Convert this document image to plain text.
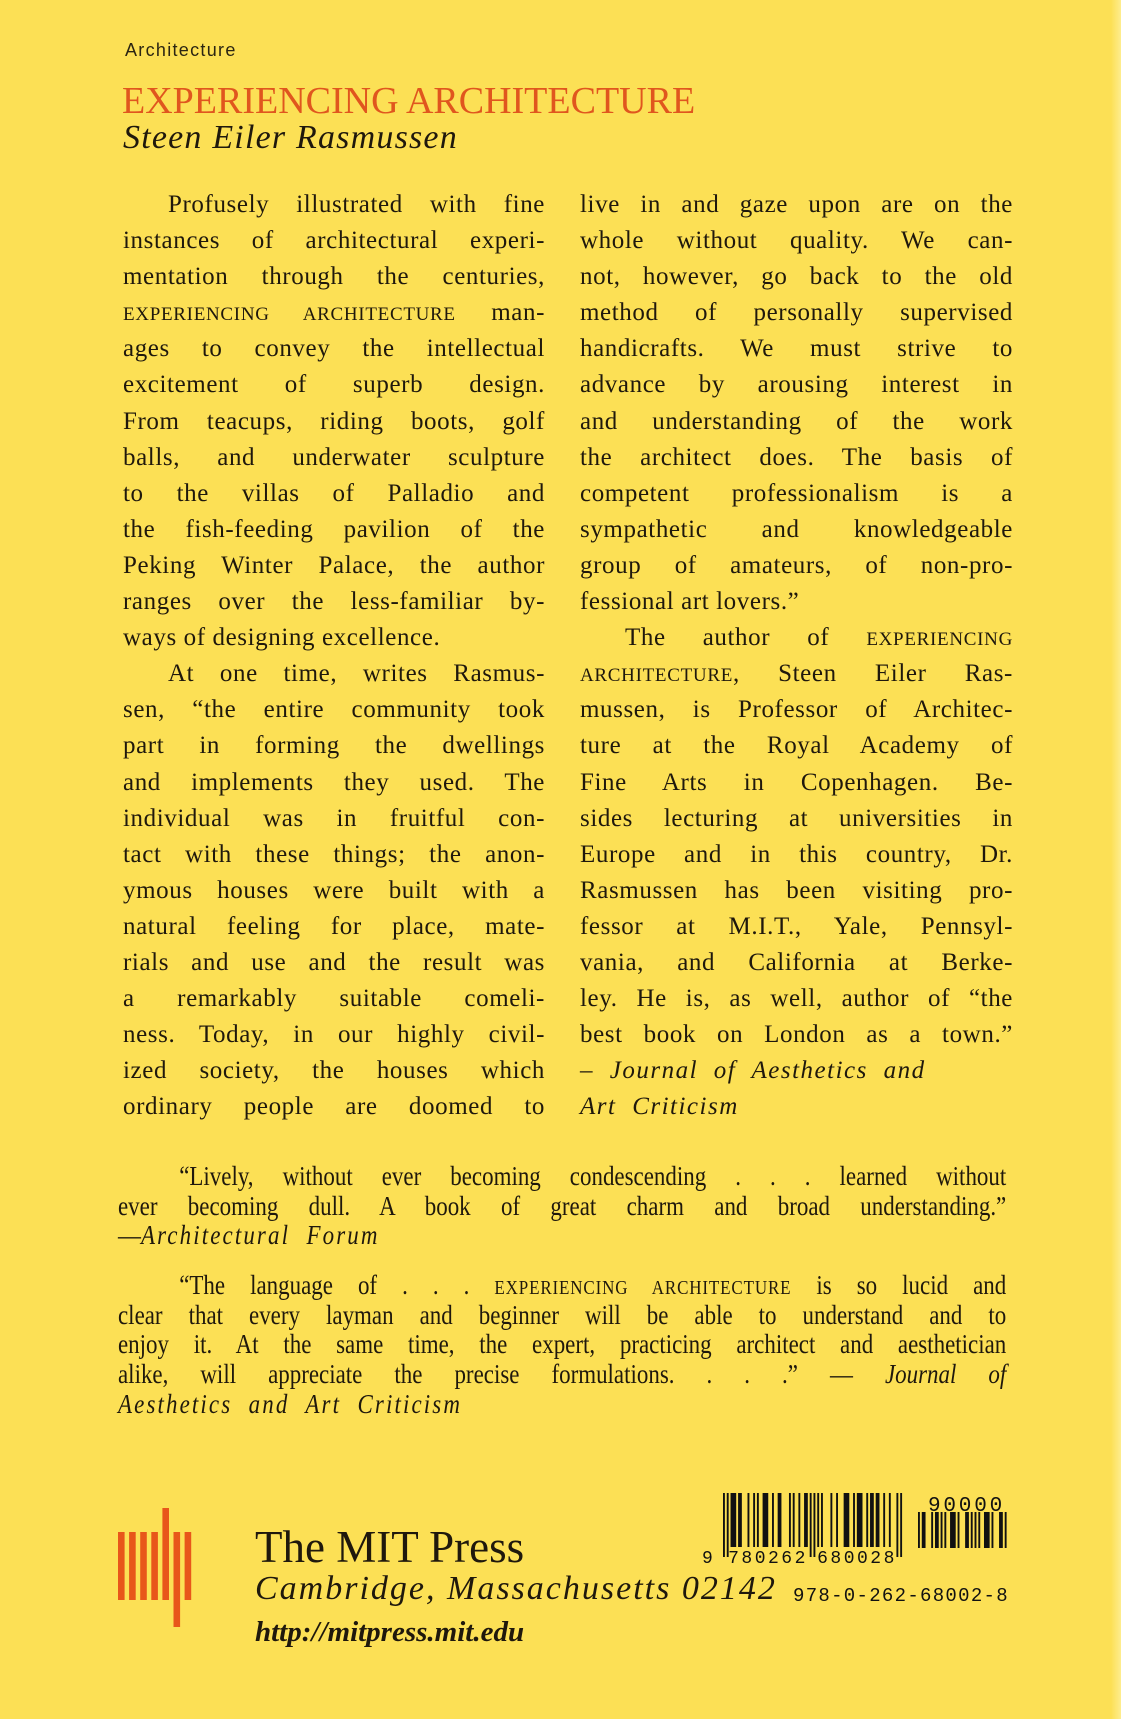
Architecture
EXPERIENCING ARCHITECTURE
Steen Eiler Rasmussen
Profusely illustrated with fine
instances of architectural experi-
mentation through the centuries,
EXPERIENCING ARCHITECTURE man-
ages to convey the intellectual
excitement of superb design.
From teacups, riding boots, golf
balls, and underwater sculpture
to the villas of Palladio and
the fish-feeding pavilion of the
Peking Winter Palace, the author
ranges over the less-familiar by-
ways of designing excellence.
At one time, writes Rasmus-
sen, “the entire community took
part in forming the dwellings
and implements they used. The
individual was in fruitful con-
tact with these things; the anon-
ymous houses were built with a
natural feeling for place, mate-
rials and use and the result was
a remarkably suitable comeli-
ness. Today, in our highly civil-
ized society, the houses which
ordinary people are doomed to
live in and gaze upon are on the
whole without quality. We can-
not, however, go back to the old
method of personally supervised
handicrafts. We must strive to
advance by arousing interest in
and understanding of the work
the architect does. The basis of
competent professionalism is a
sympathetic and knowledgeable
group of amateurs, of non-pro-
fessional art lovers.”
The author of EXPERIENCING
ARCHITECTURE, Steen Eiler Ras-
mussen, is Professor of Architec-
ture at the Royal Academy of
Fine Arts in Copenhagen. Be-
sides lecturing at universities in
Europe and in this country, Dr.
Rasmussen has been visiting pro-
fessor at M.I.T., Yale, Pennsyl-
vania, and California at Berke-
ley. He is, as well, author of “the
best book on London as a town.”
– Journal of Aesthetics and
Art Criticism
“Lively, without ever becoming condescending . . . learned without
ever becoming dull. A book of great charm and broad understanding.”
—Architectural Forum
“The language of . . . EXPERIENCING ARCHITECTURE is so lucid and
clear that every layman and beginner will be able to understand and to
enjoy it. At the same time, the expert, practicing architect and aesthetician
alike, will appreciate the precise formulations. . . .” — Journal of
Aesthetics and Art Criticism
The MIT Press
Cambridge, Massachusetts 02142
http://mitpress.mit.edu
9 780262 680028
90000
978-0-262-68002-8
